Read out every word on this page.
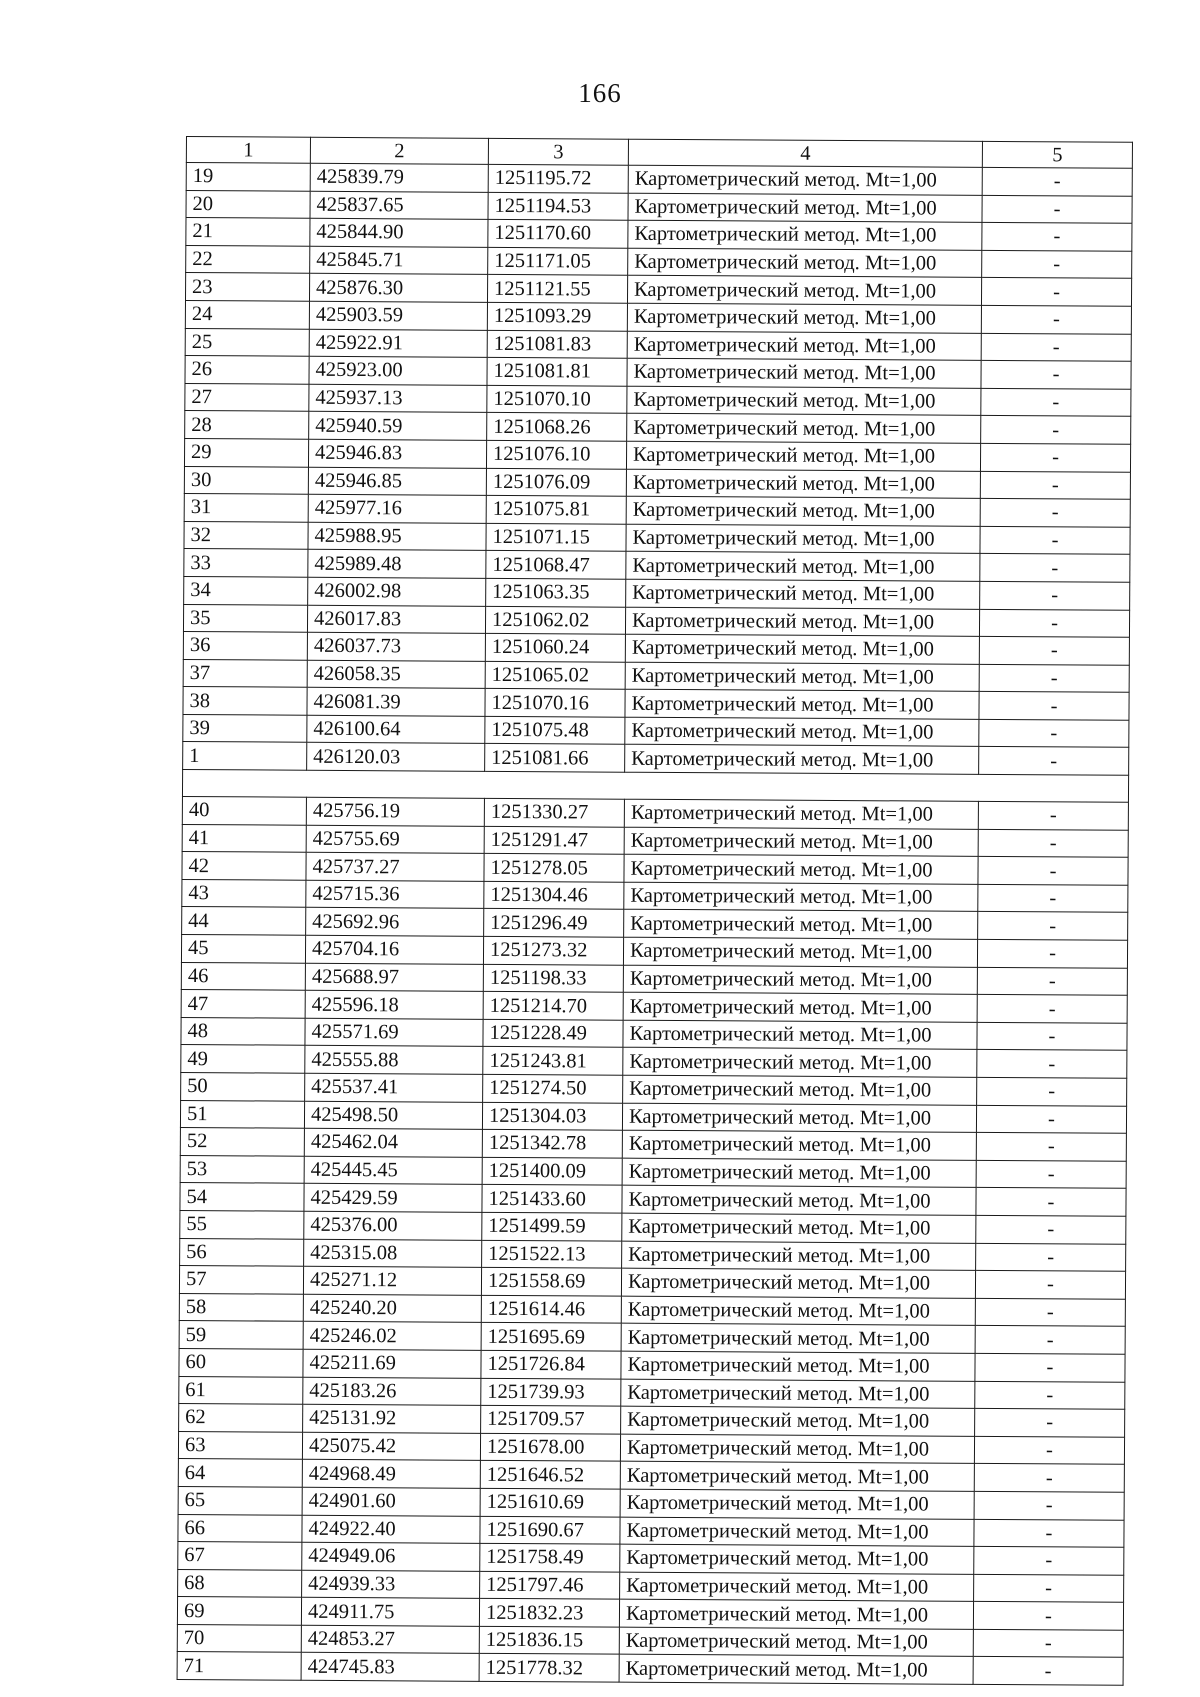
166
1	2	3	4	5
19	425839.79	1251195.72	Картометрический метод. Mt=1,00	-
20	425837.65	1251194.53	Картометрический метод. Mt=1,00	-
21	425844.90	1251170.60	Картометрический метод. Mt=1,00	-
22	425845.71	1251171.05	Картометрический метод. Mt=1,00	-
23	425876.30	1251121.55	Картометрический метод. Mt=1,00	-
24	425903.59	1251093.29	Картометрический метод. Mt=1,00	-
25	425922.91	1251081.83	Картометрический метод. Mt=1,00	-
26	425923.00	1251081.81	Картометрический метод. Mt=1,00	-
27	425937.13	1251070.10	Картометрический метод. Mt=1,00	-
28	425940.59	1251068.26	Картометрический метод. Mt=1,00	-
29	425946.83	1251076.10	Картометрический метод. Mt=1,00	-
30	425946.85	1251076.09	Картометрический метод. Mt=1,00	-
31	425977.16	1251075.81	Картометрический метод. Mt=1,00	-
32	425988.95	1251071.15	Картометрический метод. Mt=1,00	-
33	425989.48	1251068.47	Картометрический метод. Mt=1,00	-
34	426002.98	1251063.35	Картометрический метод. Mt=1,00	-
35	426017.83	1251062.02	Картометрический метод. Mt=1,00	-
36	426037.73	1251060.24	Картометрический метод. Mt=1,00	-
37	426058.35	1251065.02	Картометрический метод. Mt=1,00	-
38	426081.39	1251070.16	Картометрический метод. Mt=1,00	-
39	426100.64	1251075.48	Картометрический метод. Mt=1,00	-
1	426120.03	1251081.66	Картометрический метод. Mt=1,00	-

40	425756.19	1251330.27	Картометрический метод. Mt=1,00	-
41	425755.69	1251291.47	Картометрический метод. Mt=1,00	-
42	425737.27	1251278.05	Картометрический метод. Mt=1,00	-
43	425715.36	1251304.46	Картометрический метод. Mt=1,00	-
44	425692.96	1251296.49	Картометрический метод. Mt=1,00	-
45	425704.16	1251273.32	Картометрический метод. Mt=1,00	-
46	425688.97	1251198.33	Картометрический метод. Mt=1,00	-
47	425596.18	1251214.70	Картометрический метод. Mt=1,00	-
48	425571.69	1251228.49	Картометрический метод. Mt=1,00	-
49	425555.88	1251243.81	Картометрический метод. Mt=1,00	-
50	425537.41	1251274.50	Картометрический метод. Mt=1,00	-
51	425498.50	1251304.03	Картометрический метод. Mt=1,00	-
52	425462.04	1251342.78	Картометрический метод. Mt=1,00	-
53	425445.45	1251400.09	Картометрический метод. Mt=1,00	-
54	425429.59	1251433.60	Картометрический метод. Mt=1,00	-
55	425376.00	1251499.59	Картометрический метод. Mt=1,00	-
56	425315.08	1251522.13	Картометрический метод. Mt=1,00	-
57	425271.12	1251558.69	Картометрический метод. Mt=1,00	-
58	425240.20	1251614.46	Картометрический метод. Mt=1,00	-
59	425246.02	1251695.69	Картометрический метод. Mt=1,00	-
60	425211.69	1251726.84	Картометрический метод. Mt=1,00	-
61	425183.26	1251739.93	Картометрический метод. Mt=1,00	-
62	425131.92	1251709.57	Картометрический метод. Mt=1,00	-
63	425075.42	1251678.00	Картометрический метод. Mt=1,00	-
64	424968.49	1251646.52	Картометрический метод. Mt=1,00	-
65	424901.60	1251610.69	Картометрический метод. Mt=1,00	-
66	424922.40	1251690.67	Картометрический метод. Mt=1,00	-
67	424949.06	1251758.49	Картометрический метод. Mt=1,00	-
68	424939.33	1251797.46	Картометрический метод. Mt=1,00	-
69	424911.75	1251832.23	Картометрический метод. Mt=1,00	-
70	424853.27	1251836.15	Картометрический метод. Mt=1,00	-
71	424745.83	1251778.32	Картометрический метод. Mt=1,00	-
